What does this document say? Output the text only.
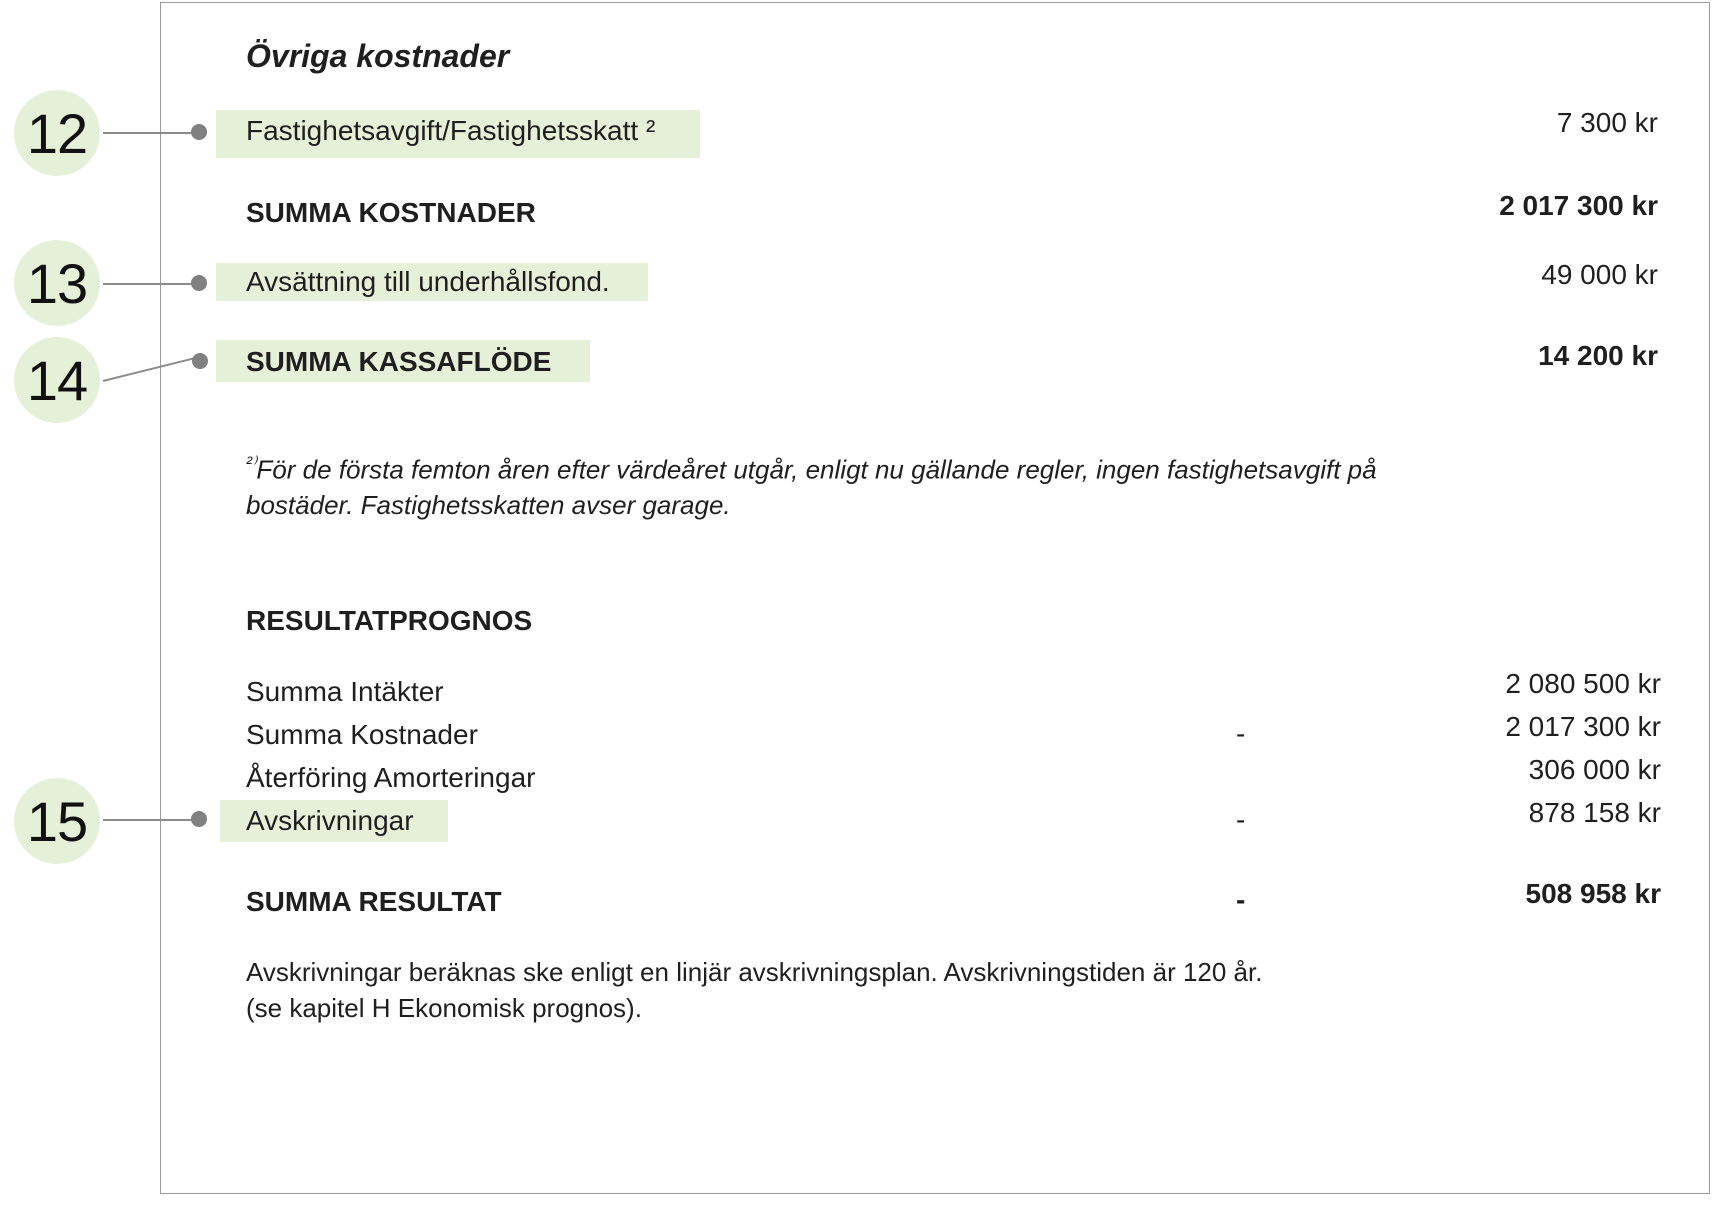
Övriga kostnader
12
13
14
15
Fastighetsavgift/Fastighetsskatt ²	7 300 kr
SUMMA KOSTNADER	2 017 300 kr
Avsättning till underhållsfond.	49 000 kr
SUMMA KASSAFLÖDE	14 200 kr
$^{^{2)}}$För de första femton åren efter värdeåret utgår, enligt nu gällande regler, ingen fastighetsavgift på
bostäder. Fastighetsskatten avser garage.
RESULTATPROGNOS
Summa Intäkter	2 080 500 kr
Summa Kostnader	-	2 017 300 kr
Återföring Amorteringar	306 000 kr
Avskrivningar	-	878 158 kr
SUMMA RESULTAT	-	508 958 kr
Avskrivningar beräknas ske enligt en linjär avskrivningsplan. Avskrivningstiden är 120 år.
(se kapitel H Ekonomisk prognos).
